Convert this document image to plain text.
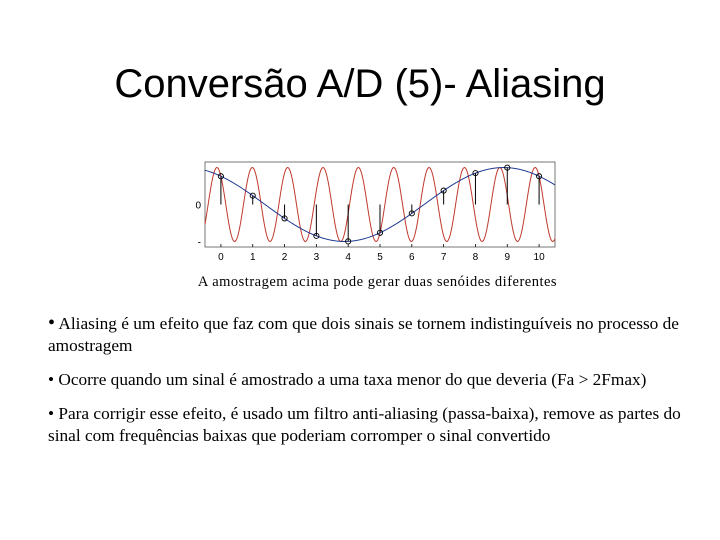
Conversão A/D (5)- Aliasing
0	1	2	3	4	5	6	7	8	9 10
0
-
A amostragem acima pode gerar duas senóides diferentes
• Aliasing é um efeito que faz com que dois sinais se tornem indistinguíveis no processo de amostragem
• Ocorre quando um sinal é amostrado a uma taxa menor do que deveria (Fa > 2Fmax)
• Para corrigir esse efeito, é usado um filtro anti-aliasing (passa-baixa), remove as partes do sinal com frequências baixas que poderiam corromper o sinal convertido
